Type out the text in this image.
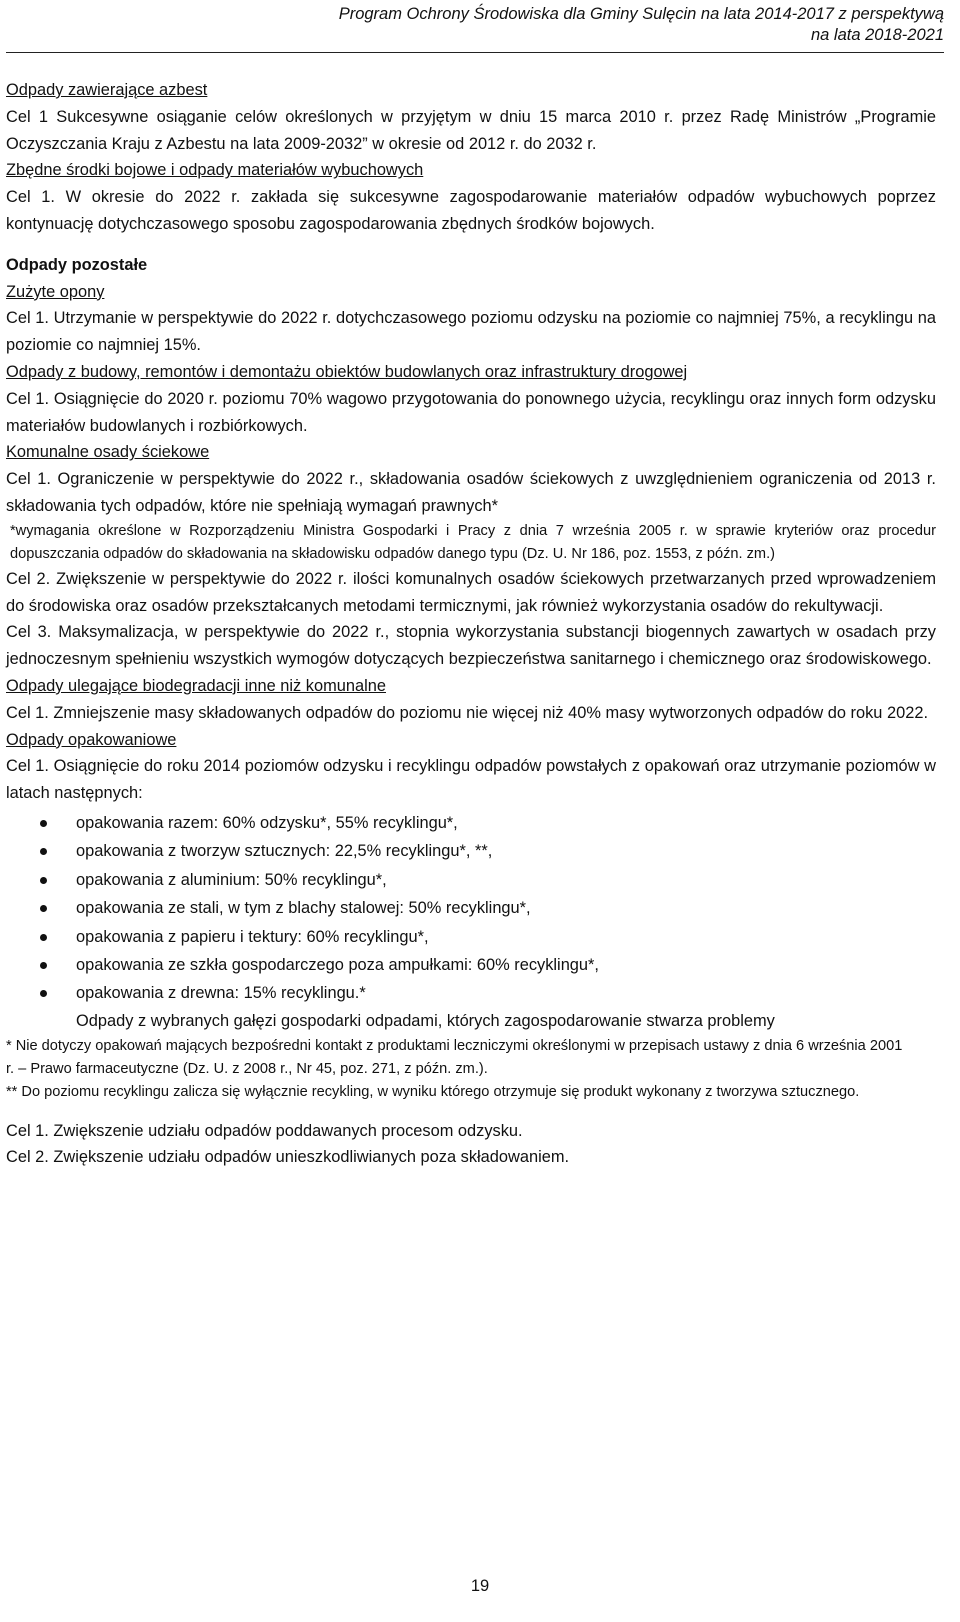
Program Ochrony Środowiska dla Gminy Sulęcin na lata 2014-2017 z perspektywą
na lata 2018-2021

Odpady zawierające azbest

Cel 1 Sukcesywne osiąganie celów określonych w przyjętym w dniu 15 marca 2010 r. przez Radę Ministrów „Programie Oczyszczania Kraju z Azbestu na lata 2009-2032” w okresie od 2012 r. do 2032 r.

Zbędne środki bojowe i odpady materiałów wybuchowych

Cel 1. W okresie do 2022 r. zakłada się sukcesywne zagospodarowanie materiałów odpadów wybuchowych poprzez kontynuację dotychczasowego sposobu zagospodarowania zbędnych środków bojowych.

Odpady pozostałe

Zużyte opony

Cel 1. Utrzymanie w perspektywie do 2022 r. dotychczasowego poziomu odzysku na poziomie co najmniej 75%, a recyklingu na poziomie co najmniej 15%.

Odpady z budowy, remontów i demontażu obiektów budowlanych oraz infrastruktury drogowej

Cel 1. Osiągnięcie do 2020 r. poziomu 70% wagowo przygotowania do ponownego użycia, recyklingu oraz innych form odzysku materiałów budowlanych i rozbiórkowych.

Komunalne osady ściekowe

Cel 1. Ograniczenie w perspektywie do 2022 r., składowania osadów ściekowych z uwzględnieniem ograniczenia od 2013 r. składowania tych odpadów, które nie spełniają wymagań prawnych*

*wymagania określone w Rozporządzeniu Ministra Gospodarki i Pracy z dnia 7 września 2005 r. w sprawie kryteriów oraz procedur dopuszczania odpadów do składowania na składowisku odpadów danego typu (Dz. U. Nr 186, poz. 1553, z późn. zm.)

Cel 2. Zwiększenie w perspektywie do 2022 r. ilości komunalnych osadów ściekowych przetwarzanych przed wprowadzeniem do środowiska oraz osadów przekształcanych metodami termicznymi, jak również wykorzystania osadów do rekultywacji.

Cel 3. Maksymalizacja, w perspektywie do 2022 r., stopnia wykorzystania substancji biogennych zawartych w osadach przy jednoczesnym spełnieniu wszystkich wymogów dotyczących bezpieczeństwa sanitarnego i chemicznego oraz środowiskowego.

Odpady ulegające biodegradacji inne niż komunalne

Cel 1. Zmniejszenie masy składowanych odpadów do poziomu nie więcej niż 40% masy wytworzonych odpadów do roku 2022.

Odpady opakowaniowe

Cel 1. Osiągnięcie do roku 2014 poziomów odzysku i recyklingu odpadów powstałych z opakowań oraz utrzymanie poziomów w latach następnych:

opakowania razem: 60% odzysku*, 55% recyklingu*,
opakowania z tworzyw sztucznych: 22,5% recyklingu*, **,
opakowania z aluminium: 50% recyklingu*,
opakowania ze stali, w tym z blachy stalowej: 50% recyklingu*,
opakowania z papieru i tektury: 60% recyklingu*,
opakowania ze szkła gospodarczego poza ampułkami: 60% recyklingu*,
opakowania z drewna: 15% recyklingu.*

Odpady z wybranych gałęzi gospodarki odpadami, których zagospodarowanie stwarza problemy

* Nie dotyczy opakowań mających bezpośredni kontakt z produktami leczniczymi określonymi w przepisach ustawy z dnia 6 września 2001

r. – Prawo farmaceutyczne (Dz. U. z 2008 r., Nr 45, poz. 271, z późn. zm.).

** Do poziomu recyklingu zalicza się wyłącznie recykling, w wyniku którego otrzymuje się produkt wykonany z tworzywa sztucznego.

Cel 1. Zwiększenie udziału odpadów poddawanych procesom odzysku.

Cel 2. Zwiększenie udziału odpadów unieszkodliwianych poza składowaniem.

19
